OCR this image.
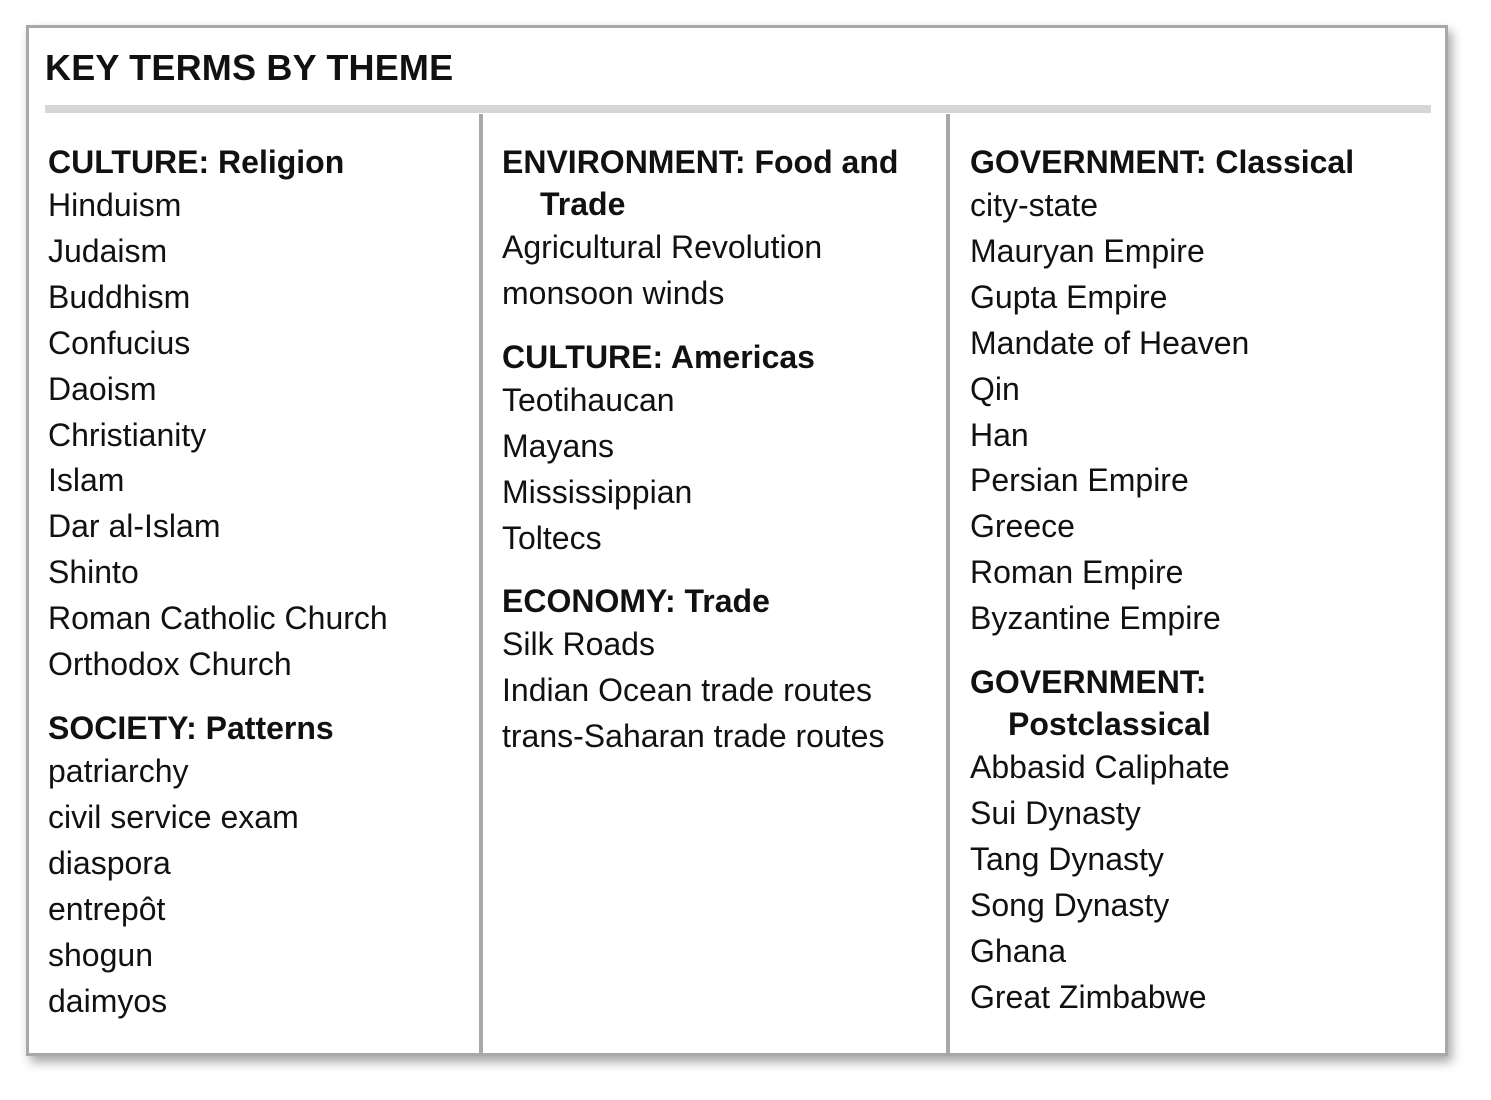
KEY TERMS BY THEME
CULTURE: Religion
Hinduism
Judaism
Buddhism
Confucius
Daoism
Christianity
Islam
Dar al-Islam
Shinto
Roman Catholic Church
Orthodox Church
SOCIETY: Patterns
patriarchy
civil service exam
diaspora
entrepôt
shogun
daimyos
ENVIRONMENT: Food and
Trade
Agricultural Revolution
monsoon winds
CULTURE: Americas
Teotihaucan
Mayans
Mississippian
Toltecs
ECONOMY: Trade
Silk Roads
Indian Ocean trade routes
trans-Saharan trade routes
GOVERNMENT: Classical
city-state
Mauryan Empire
Gupta Empire
Mandate of Heaven
Qin
Han
Persian Empire
Greece
Roman Empire
Byzantine Empire
GOVERNMENT:
Postclassical
Abbasid Caliphate
Sui Dynasty
Tang Dynasty
Song Dynasty
Ghana
Great Zimbabwe
